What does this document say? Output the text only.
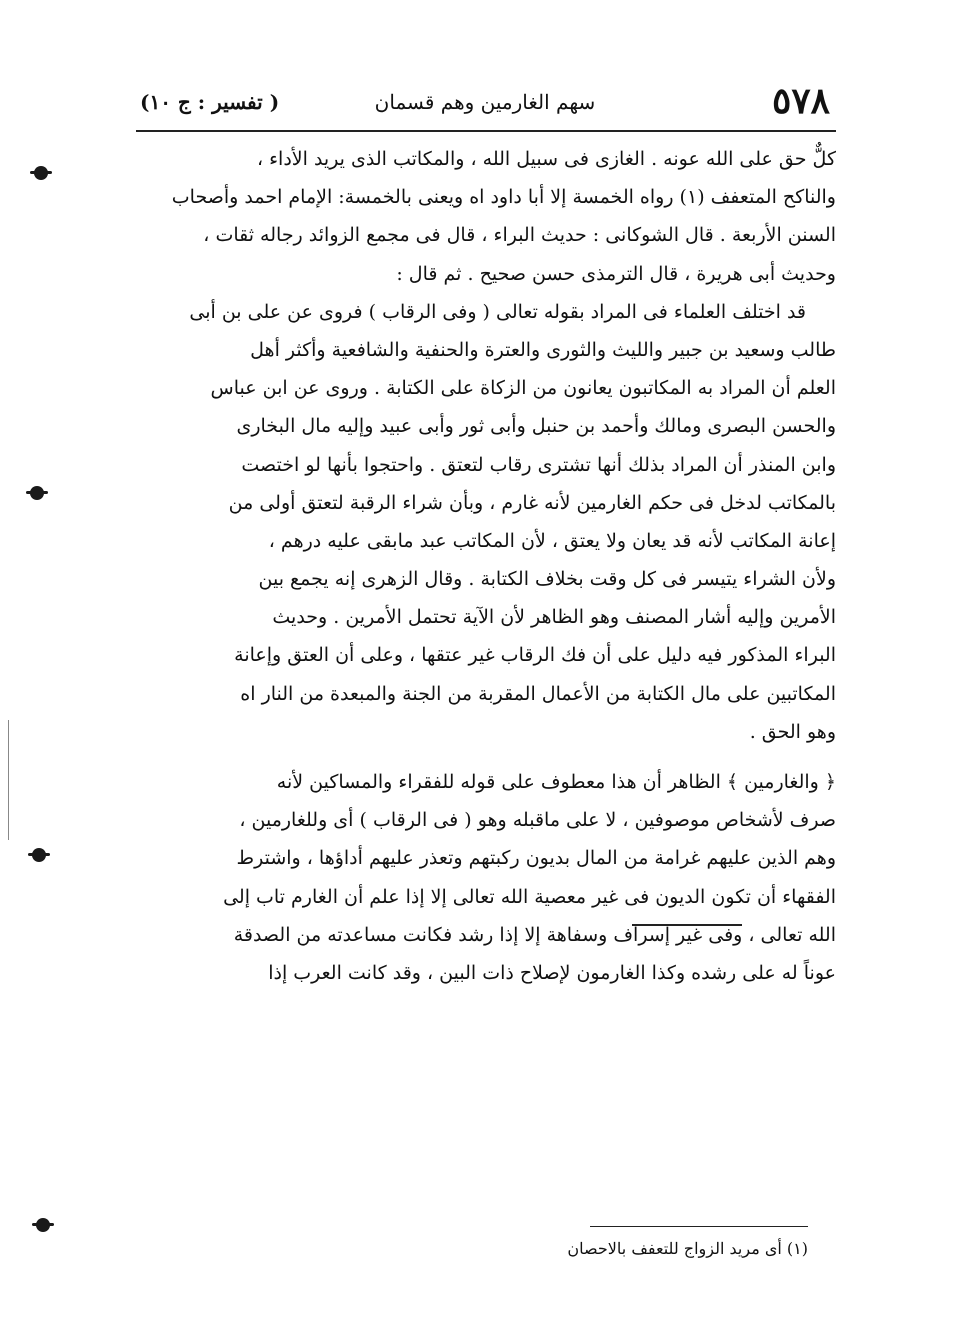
٥٧٨
سهم الغارمين وهم قسمان
( تفسير : ج ١٠)
كلٌّ حق على الله عونه . الغازى فى سبيل الله ، والمكاتب الذى يريد الأداء ،
والناكح المتعفف (١) رواه الخمسة إلا أبا داود اه ويعنى بالخمسة: الإمام احمد وأصحاب
السنن الأربعة . قال الشوكانى : حديث البراء ، قال فى مجمع الزوائد رجاله ثقات ،
وحديث أبى هريرة ، قال الترمذى حسن صحيح . ثم قال :
قد اختلف العلماء فى المراد بقوله تعالى ( وفى الرقاب ) فروى عن على بن أبى
طالب وسعيد بن جبير والليث والثورى والعترة والحنفية والشافعية وأكثر أهل
العلم أن المراد به المكاتبون يعانون من الزكاة على الكتابة . وروى عن ابن عباس
والحسن البصرى ومالك وأحمد بن حنبل وأبى ثور وأبى عبيد وإليه مال البخارى
وابن المنذر أن المراد بذلك أنها تشترى رقاب لتعتق . واحتجوا بأنها لو اختصت
بالمكاتب لدخل فى حكم الغارمين لأنه غارم ، وبأن شراء الرقبة لتعتق أولى من
إعانة المكاتب لأنه قد يعان ولا يعتق ، لأن المكاتب عبد مابقى عليه درهم ،
ولأن الشراء يتيسر فى كل وقت بخلاف الكتابة . وقال الزهرى إنه يجمع بين
الأمرين وإليه أشار المصنف وهو الظاهر لأن الآية تحتمل الأمرين . وحديث
البراء المذكور فيه دليل على أن فك الرقاب غير عتقها ، وعلى أن العتق وإعانة
المكاتبين على مال الكتابة من الأعمال المقربة من الجنة والمبعدة من النار اه
وهو الحق .
﴿ والغارمين ﴾ الظاهر أن هذا معطوف على قوله للفقراء والمساكين لأنه
صرف لأشخاص موصوفين ، لا على ماقبله وهو ( فى الرقاب ) أى وللغارمين ،
وهم الذين عليهم غرامة من المال بديون ركبتهم وتعذر عليهم أداؤها ، واشترط
الفقهاء أن تكون الديون فى غير معصية الله تعالى إلا إذا علم أن الغارم تاب إلى
الله تعالى ، وفى غير إسراف وسفاهة إلا إذا رشد فكانت مساعدته من الصدقة
عوناً له على رشده وكذا الغارمون لإصلاح ذات البين ، وقد كانت العرب إذا
(١) أى مريد الزواج للتعفف بالاحصان
